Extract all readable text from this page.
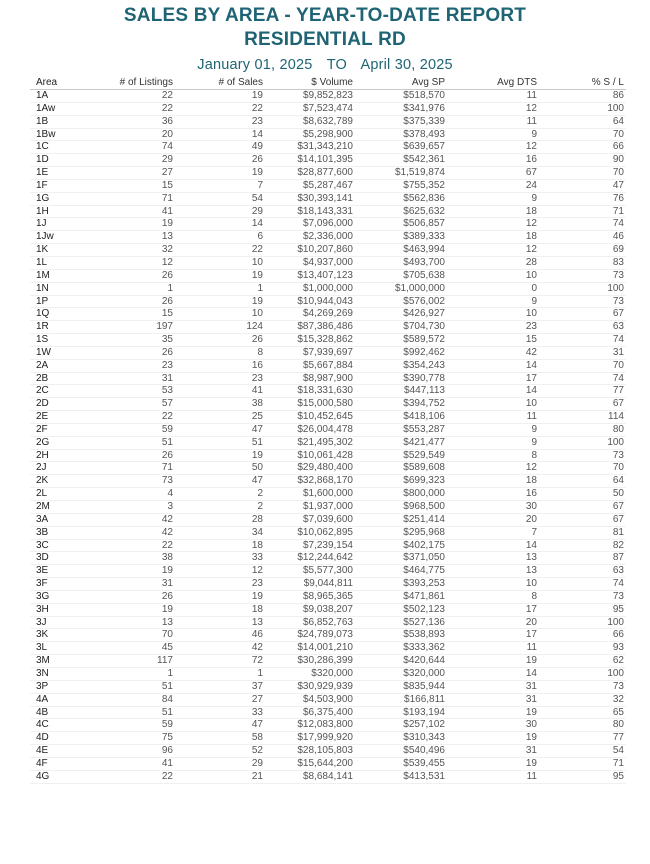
SALES BY AREA - YEAR-TO-DATE REPORT
RESIDENTIAL RD
January 01, 2025 TO April 30, 2025
Area	# of Listings	# of Sales	$ Volume	Avg SP	Avg DTS	% S / L
1A	22	19	$9,852,823	$518,570	11	86
1Aw	22	22	$7,523,474	$341,976	12	100
1B	36	23	$8,632,789	$375,339	11	64
1Bw	20	14	$5,298,900	$378,493	9	70
1C	74	49	$31,343,210	$639,657	12	66
1D	29	26	$14,101,395	$542,361	16	90
1E	27	19	$28,877,600	$1,519,874	67	70
1F	15	7	$5,287,467	$755,352	24	47
1G	71	54	$30,393,141	$562,836	9	76
1H	41	29	$18,143,331	$625,632	18	71
1J	19	14	$7,096,000	$506,857	12	74
1Jw	13	6	$2,336,000	$389,333	18	46
1K	32	22	$10,207,860	$463,994	12	69
1L	12	10	$4,937,000	$493,700	28	83
1M	26	19	$13,407,123	$705,638	10	73
1N	1	1	$1,000,000	$1,000,000	0	100
1P	26	19	$10,944,043	$576,002	9	73
1Q	15	10	$4,269,269	$426,927	10	67
1R	197	124	$87,386,486	$704,730	23	63
1S	35	26	$15,328,862	$589,572	15	74
1W	26	8	$7,939,697	$992,462	42	31
2A	23	16	$5,667,884	$354,243	14	70
2B	31	23	$8,987,900	$390,778	17	74
2C	53	41	$18,331,630	$447,113	14	77
2D	57	38	$15,000,580	$394,752	10	67
2E	22	25	$10,452,645	$418,106	11	114
2F	59	47	$26,004,478	$553,287	9	80
2G	51	51	$21,495,302	$421,477	9	100
2H	26	19	$10,061,428	$529,549	8	73
2J	71	50	$29,480,400	$589,608	12	70
2K	73	47	$32,868,170	$699,323	18	64
2L	4	2	$1,600,000	$800,000	16	50
2M	3	2	$1,937,000	$968,500	30	67
3A	42	28	$7,039,600	$251,414	20	67
3B	42	34	$10,062,895	$295,968	7	81
3C	22	18	$7,239,154	$402,175	14	82
3D	38	33	$12,244,642	$371,050	13	87
3E	19	12	$5,577,300	$464,775	13	63
3F	31	23	$9,044,811	$393,253	10	74
3G	26	19	$8,965,365	$471,861	8	73
3H	19	18	$9,038,207	$502,123	17	95
3J	13	13	$6,852,763	$527,136	20	100
3K	70	46	$24,789,073	$538,893	17	66
3L	45	42	$14,001,210	$333,362	11	93
3M	117	72	$30,286,399	$420,644	19	62
3N	1	1	$320,000	$320,000	14	100
3P	51	37	$30,929,939	$835,944	31	73
4A	84	27	$4,503,900	$166,811	31	32
4B	51	33	$6,375,400	$193,194	19	65
4C	59	47	$12,083,800	$257,102	30	80
4D	75	58	$17,999,920	$310,343	19	77
4E	96	52	$28,105,803	$540,496	31	54
4F	41	29	$15,644,200	$539,455	19	71
4G	22	21	$8,684,141	$413,531	11	95
